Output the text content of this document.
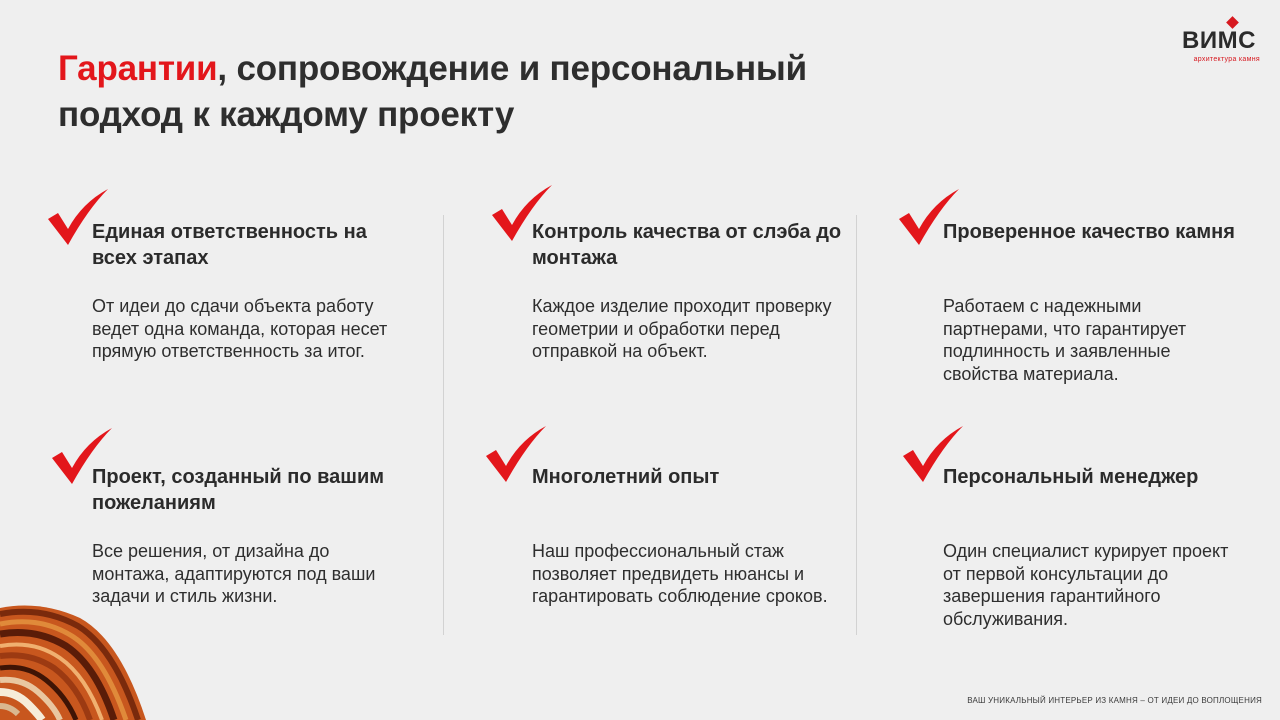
Гарантии, сопровождение и персональный подход к каждому проекту
ВИМС
архитектура камня
Единая ответственность на всех этапах
От идеи до сдачи объекта работу ведет одна команда, которая несет прямую ответственность за итог.
Контроль качества от слэба до монтажа
Каждое изделие проходит проверку геометрии и обработки перед отправкой на объект.
Проверенное качество камня
Работаем с надежными партнерами, что гарантирует подлинность и заявленные свойства материала.
Проект, созданный по вашим пожеланиям
Все решения, от дизайна до монтажа, адаптируются под ваши задачи и стиль жизни.
Многолетний опыт
Наш профессиональный стаж позволяет предвидеть нюансы и гарантировать соблюдение сроков.
Персональный менеджер
Один специалист курирует проект от первой консультации до завершения гарантийного обслуживания.
ВАШ УНИКАЛЬНЫЙ ИНТЕРЬЕР ИЗ КАМНЯ – ОТ ИДЕИ ДО ВОПЛОЩЕНИЯ
